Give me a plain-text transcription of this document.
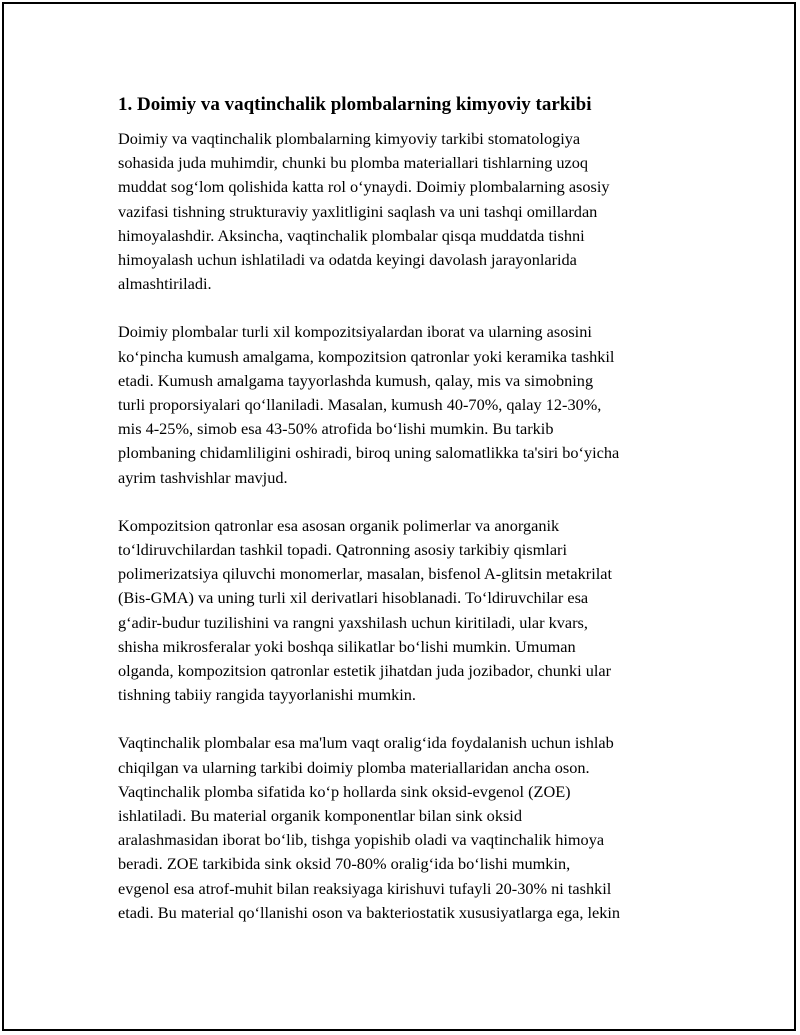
1. Doimiy va vaqtinchalik plombalarning kimyoviy tarkibi

Doimiy va vaqtinchalik plombalarning kimyoviy tarkibi stomatologiya
sohasida juda muhimdir, chunki bu plomba materiallari tishlarning uzoq
muddat sog‘lom qolishida katta rol o‘ynaydi. Doimiy plombalarning asosiy
vazifasi tishning strukturaviy yaxlitligini saqlash va uni tashqi omillardan
himoyalashdir. Aksincha, vaqtinchalik plombalar qisqa muddatda tishni
himoyalash uchun ishlatiladi va odatda keyingi davolash jarayonlarida
almashtiriladi.

Doimiy plombalar turli xil kompozitsiyalardan iborat va ularning asosini
ko‘pincha kumush amalgama, kompozitsion qatronlar yoki keramika tashkil
etadi. Kumush amalgama tayyorlashda kumush, qalay, mis va simobning
turli proporsiyalari qo‘llaniladi. Masalan, kumush 40-70%, qalay 12-30%,
mis 4-25%, simob esa 43-50% atrofida bo‘lishi mumkin. Bu tarkib
plombaning chidamliligini oshiradi, biroq uning salomatlikka ta'siri bo‘yicha
ayrim tashvishlar mavjud.

Kompozitsion qatronlar esa asosan organik polimerlar va anorganik
to‘ldiruvchilardan tashkil topadi. Qatronning asosiy tarkibiy qismlari
polimerizatsiya qiluvchi monomerlar, masalan, bisfenol A-glitsin metakrilat
(Bis-GMA) va uning turli xil derivatlari hisoblanadi. To‘ldiruvchilar esa
g‘adir-budur tuzilishini va rangni yaxshilash uchun kiritiladi, ular kvars,
shisha mikrosferalar yoki boshqa silikatlar bo‘lishi mumkin. Umuman
olganda, kompozitsion qatronlar estetik jihatdan juda jozibador, chunki ular
tishning tabiiy rangida tayyorlanishi mumkin.

Vaqtinchalik plombalar esa ma'lum vaqt oralig‘ida foydalanish uchun ishlab
chiqilgan va ularning tarkibi doimiy plomba materiallaridan ancha oson.
Vaqtinchalik plomba sifatida ko‘p hollarda sink oksid-evgenol (ZOE)
ishlatiladi. Bu material organik komponentlar bilan sink oksid
aralashmasidan iborat bo‘lib, tishga yopishib oladi va vaqtinchalik himoya
beradi. ZOE tarkibida sink oksid 70-80% oralig‘ida bo‘lishi mumkin,
evgenol esa atrof-muhit bilan reaksiyaga kirishuvi tufayli 20-30% ni tashkil
etadi. Bu material qo‘llanishi oson va bakteriostatik xususiyatlarga ega, lekin
